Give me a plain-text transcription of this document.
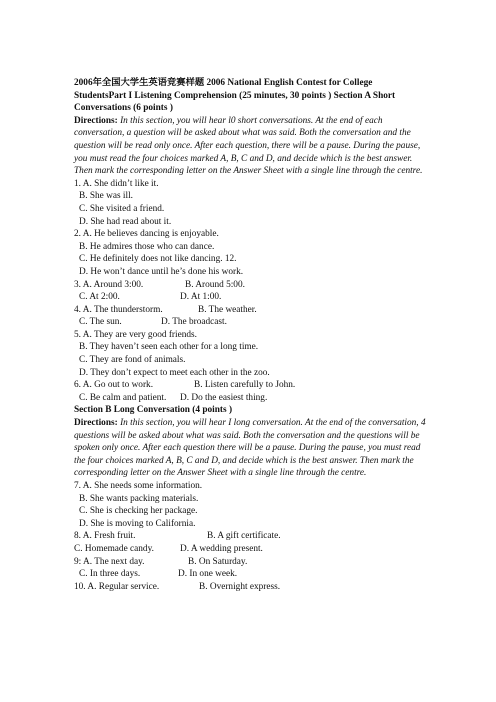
2006年全国大学生英语竞赛样题 2006 National English Contest for College StudentsPart I Listening Comprehension (25 minutes, 30 points ) Section A Short Conversations (6 points )
Directions: In this section, you will hear l0 short conversations. At the end of each conversation, a question will be asked about what was said. Both the conversation and the question will be read only once. After each question, there will be a pause. During the pause, you must read the four choices marked A, B, C and D, and decide which is the best answer. Then mark the corresponding letter on the Answer Sheet with a single line through the centre.
1. A. She didn’t like it.
B. She was ill.
C. She visited a friend.
D. She had read about it.
2. A. He believes dancing is enjoyable.
B. He admires those who can dance.
C. He definitely does not like dancing. 12.
D. He won’t dance until he’s done his work.
3. A. Around 3:00.	B. Around 5:00.
C. At 2:00.	D. At 1:00.
4. A. The thunderstorm.	B. The weather.
C. The sun.	D. The broadcast.
5. A. They are very good friends.
B. They haven’t seen each other for a long time.
C. They are fond of animals.
D. They don’t expect to meet each other in the zoo.
6. A. Go out to work.	B. Listen carefully to John.
C. Be calm and patient. D. Do the easiest thing.
Section B Long Conversation (4 points )
Directions: In this section, you will hear I long conversation. At the end of the conversation, 4 questions will be asked about what was said. Both the conversation and the questions will be spoken only once. After each question there will be a pause. During the pause, you must read the four choices marked A, B, C and D, and decide which is the best answer. Then mark the corresponding letter on the Answer Sheet with a single line through the centre.
7. A. She needs some information.
B. She wants packing materials.
C. She is checking her package.
D. She is moving to California.
8. A. Fresh fruit.	B. A gift certificate.
C. Homemade candy.	D. A wedding present.
9: A. The next day.	B. On Saturday.
C. In three days.	D. In one week.
10. A. Regular service.	B. Overnight express.
